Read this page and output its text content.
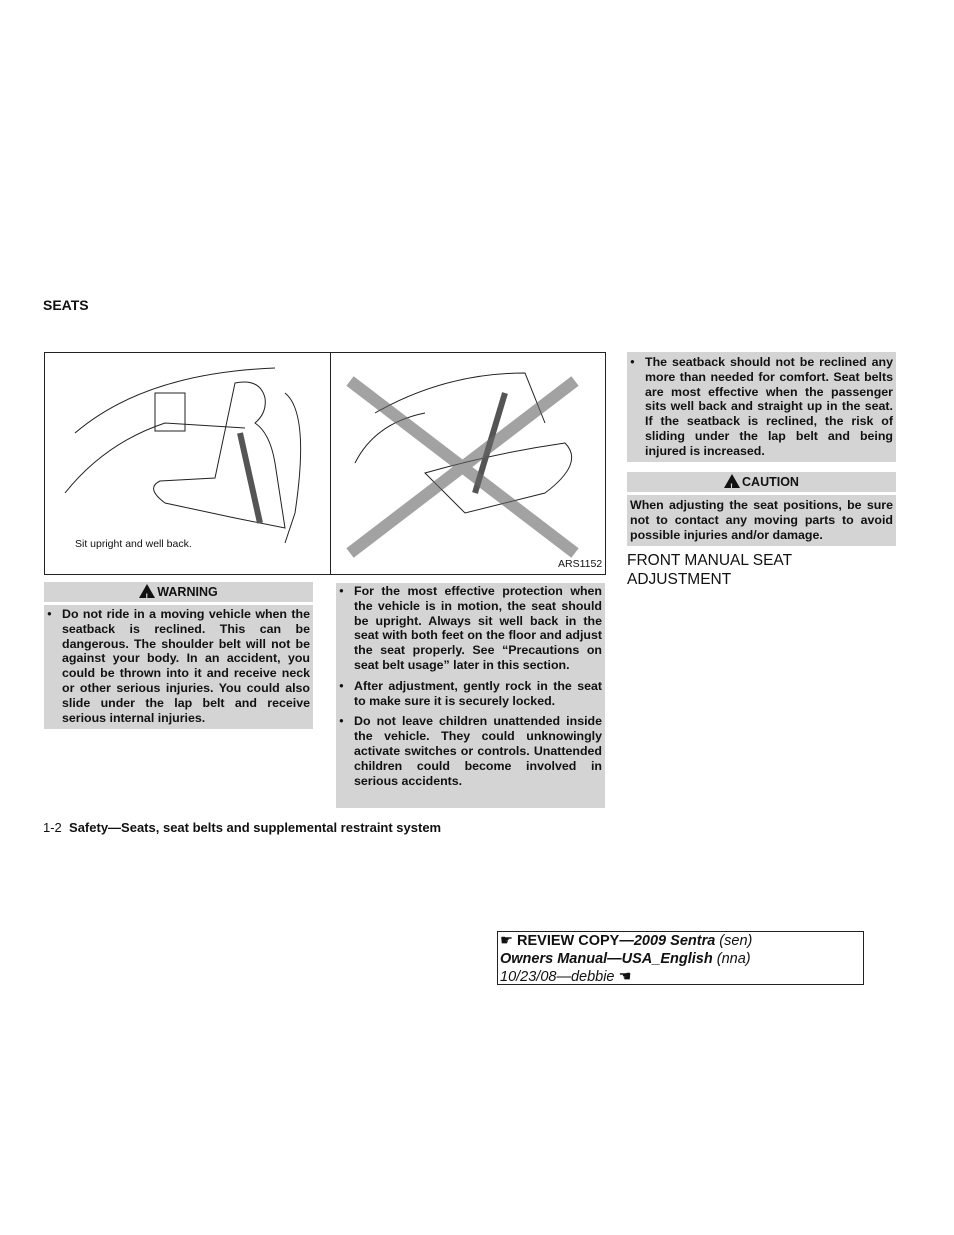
SEATS
Sit upright and well back.
ARS1152
!WARNING
● Do not ride in a moving vehicle when the seatback is reclined. This can be dangerous. The shoulder belt will not be against your body. In an accident, you could be thrown into it and receive neck or other serious injuries. You could also slide under the lap belt and receive serious internal injuries.
● For the most effective protection when the vehicle is in motion, the seat should be upright. Always sit well back in the seat with both feet on the floor and adjust the seat properly. See “Precautions on seat belt usage” later in this section.
● After adjustment, gently rock in the seat to make sure it is securely locked.
● Do not leave children unattended inside the vehicle. They could unknowingly activate switches or controls. Unattended children could become involved in serious accidents.
● The seatback should not be reclined any more than needed for comfort. Seat belts are most effective when the passenger sits well back and straight up in the seat. If the seatback is reclined, the risk of sliding under the lap belt and being injured is increased.
!CAUTION
When adjusting the seat positions, be sure not to contact any moving parts to avoid possible injuries and/or damage.
FRONT MANUAL SEAT ADJUSTMENT
1-2 Safety—Seats, seat belts and supplemental restraint system
☛ REVIEW COPY—2009 Sentra (sen)
Owners Manual—USA_English (nna)
10/23/08—debbie ☚
